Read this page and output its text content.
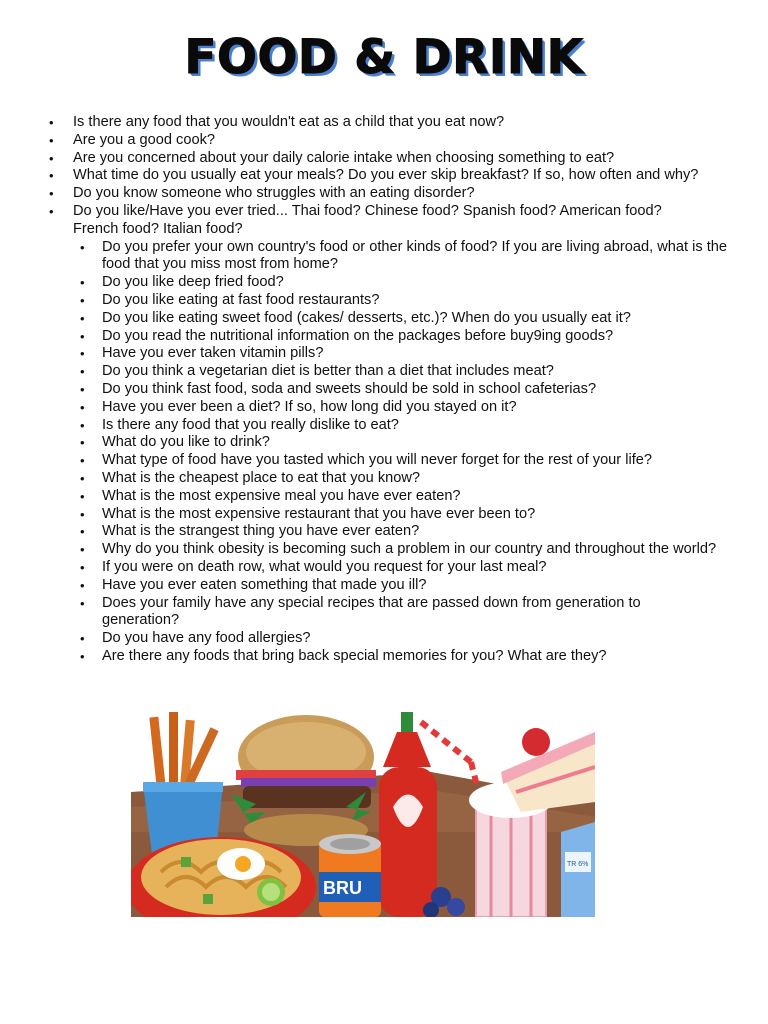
FOOD & DRINK
• Is there any food that you wouldn't eat as a child that you eat now?
• Are you a good cook?
• Are you concerned about your daily calorie intake when choosing something to eat?
• What time do you usually eat your meals? Do you ever skip breakfast? If so, how often and why?
• Do you know someone who struggles with an eating disorder?
• Do you like/Have you ever tried... Thai food? Chinese food? Spanish food? American food? French food? Italian food?
• Do you prefer your own country's food or other kinds of food? If you are living abroad, what is the food that you miss most from home?
• Do you like deep fried food?
• Do you like eating at fast food restaurants?
• Do you like eating sweet food (cakes/ desserts, etc.)? When do you usually eat it?
• Do you read the nutritional information on the packages before buy9ing goods?
• Have you ever taken vitamin pills?
• Do you think a vegetarian diet is better than a diet that includes meat?
• Do you think fast food, soda and sweets should be sold in school cafeterias?
• Have you ever been a diet? If so, how long did you stayed on it?
• Is there any food that you really dislike to eat?
• What do you like to drink?
• What type of food have you tasted which you will never forget for the rest of your life?
• What is the cheapest place to eat that you know?
• What is the most expensive meal you have ever eaten?
• What is the most expensive restaurant that you have ever been to?
• What is the strangest thing you have ever eaten?
• Why do you think obesity is becoming such a problem in our country and throughout the world?
• If you were on death row, what would you request for your last meal?
• Have you ever eaten something that made you ill?
• Does your family have any special recipes that are passed down from generation to generation?
• Do you have any food allergies?
• Are there any foods that bring back special memories for you? What are they?
TR 6%
BRU
